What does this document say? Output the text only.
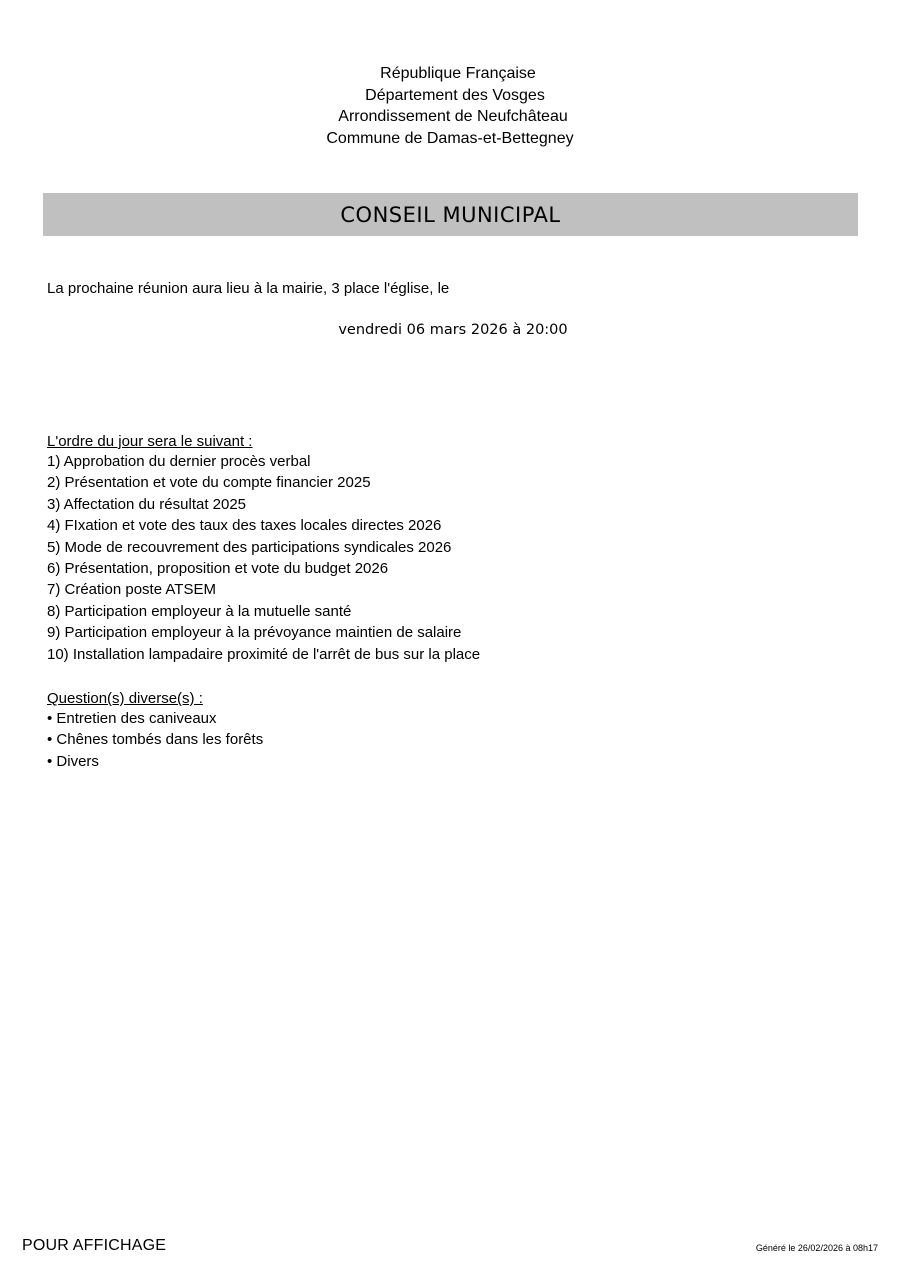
République Française
Département des Vosges
Arrondissement de Neufchâteau
Commune de Damas-et-Bettegney
CONSEIL MUNICIPAL
La prochaine réunion aura lieu à la mairie, 3 place l'église, le
vendredi 06 mars 2026 à 20:00
L'ordre du jour sera le suivant :
1) Approbation du dernier procès verbal
2) Présentation et vote du compte financier 2025
3) Affectation du résultat 2025
4) FIxation et vote des taux des taxes locales directes 2026
5) Mode de recouvrement des participations syndicales 2026
6) Présentation, proposition et vote du budget 2026
7) Création poste ATSEM
8) Participation employeur à la mutuelle santé
9) Participation employeur à la prévoyance maintien de salaire
10) Installation lampadaire proximité de l'arrêt de bus sur la place
Question(s) diverse(s) :
• Entretien des caniveaux
• Chênes tombés dans les forêts
• Divers
POUR AFFICHAGE	Généré le 26/02/2026 à 08h17
